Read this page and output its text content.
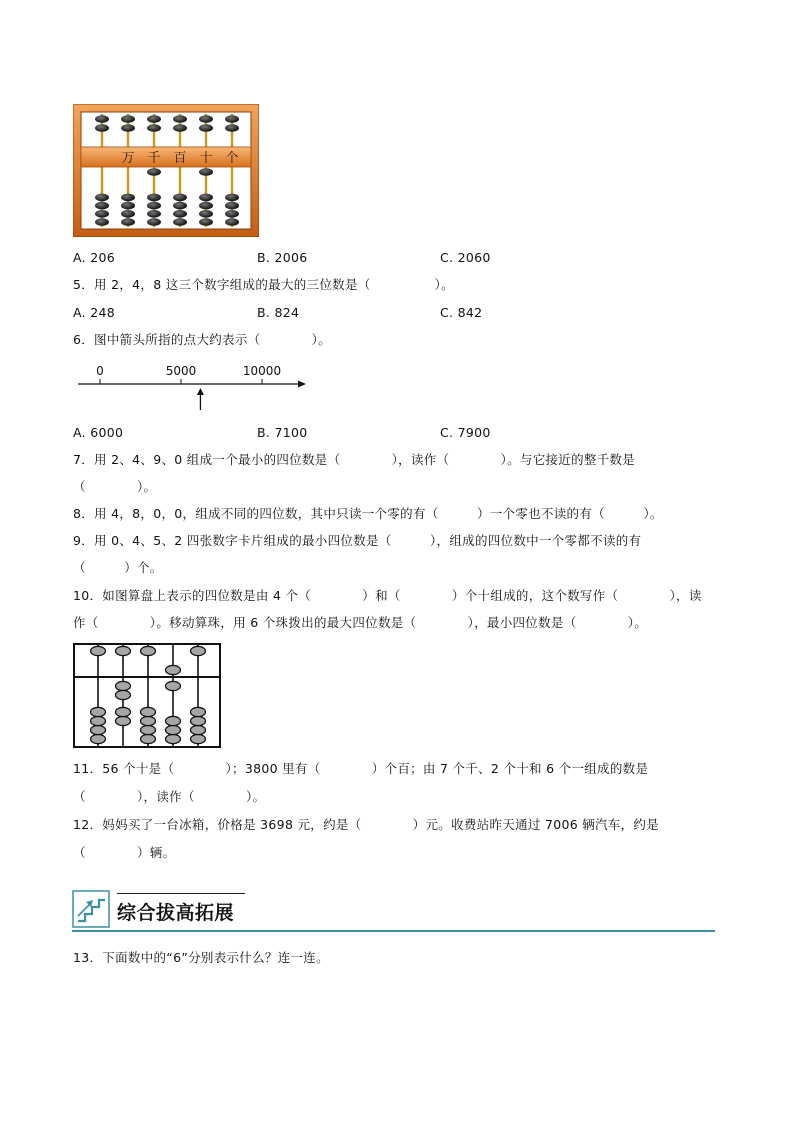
万 千 百 十 个
A. 206	B. 2006	C. 2060
5．用 2，4，8 这三个数字组成的最大的三位数是（　　　　　）。
A. 248	B. 824	C. 842
6．图中箭头所指的点大约表示（　　　　）。
0	5000	10000
A. 6000	B. 7100	C. 7900
7．用 2、4、9、0 组成一个最小的四位数是（　　　　），读作（　　　　）。与它接近的整千数是
（　　　　）。
8．用 4，8，0，0，组成不同的四位数，其中只读一个零的有（　　　）一个零也不读的有（　　　）。
9．用 0、4、5、2 四张数字卡片组成的最小四位数是（　　　），组成的四位数中一个零都不读的有
（　　　）个。
10．如图算盘上表示的四位数是由 4 个（　　　　）和（　　　　）个十组成的，这个数写作（　　　　），读
作（　　　　）。移动算珠，用 6 个珠拨出的最大四位数是（　　　　），最小四位数是（　　　　）。
11．56 个十是（　　　　）；3800 里有（　　　　）个百；由 7 个千、2 个十和 6 个一组成的数是
（　　　　），读作（　　　　）。
12．妈妈买了一台冰箱，价格是 3698 元，约是（　　　　）元。收费站昨天通过 7006 辆汽车，约是
（　　　　）辆。
综合拔高拓展
13．下面数中的“6”分别表示什么？连一连。
